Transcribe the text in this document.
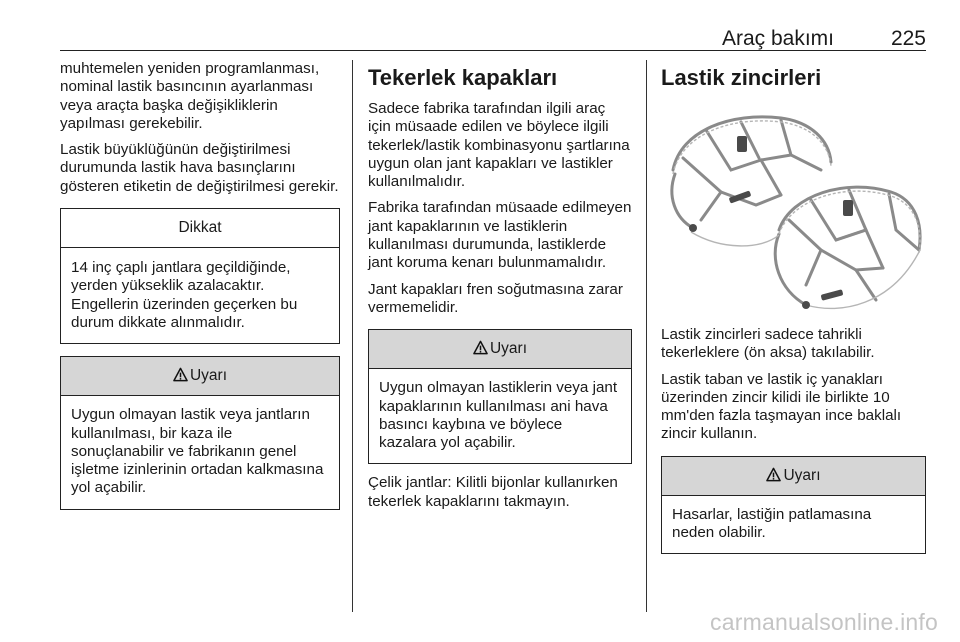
Araç bakımı	225

muhtemelen yeniden programlanması, nominal lastik basıncının ayarlanması veya araçta başka değişikliklerin yapılması gerekebilir.

Lastik büyüklüğünün değiştirilmesi durumunda lastik hava basınçlarını gösteren etiketin de değiştirilmesi gerekir.

Dikkat

14 inç çaplı jantlara geçildiğinde, yerden yükseklik azalacaktır. Engellerin üzerinden geçerken bu durum dikkate alınmalıdır.

Uyarı

Uygun olmayan lastik veya jantların kullanılması, bir kaza ile sonuçlanabilir ve fabrikanın genel işletme izinlerinin ortadan kalkmasına yol açabilir.

Tekerlek kapakları

Sadece fabrika tarafından ilgili araç için müsaade edilen ve böylece ilgili tekerlek/lastik kombinasyonu şartlarına uygun olan jant kapakları ve lastikler kullanılmalıdır.

Fabrika tarafından müsaade edilmeyen jant kapaklarının ve lastiklerin kullanılması durumunda, lastiklerde jant koruma kenarı bulunmamalıdır.

Jant kapakları fren soğutmasına zarar vermemelidir.

Uyarı

Uygun olmayan lastiklerin veya jant kapaklarının kullanılması ani hava basıncı kaybına ve böylece kazalara yol açabilir.

Çelik jantlar: Kilitli bijonlar kullanırken tekerlek kapaklarını takmayın.

Lastik zincirleri

Lastik zincirleri sadece tahrikli tekerleklere (ön aksa) takılabilir.

Lastik taban ve lastik iç yanakları üzerinden zincir kilidi ile birlikte 10 mm'den fazla taşmayan ince baklalı zincir kullanın.

Uyarı

Hasarlar, lastiğin patlamasına neden olabilir.

carmanualsonline.info
